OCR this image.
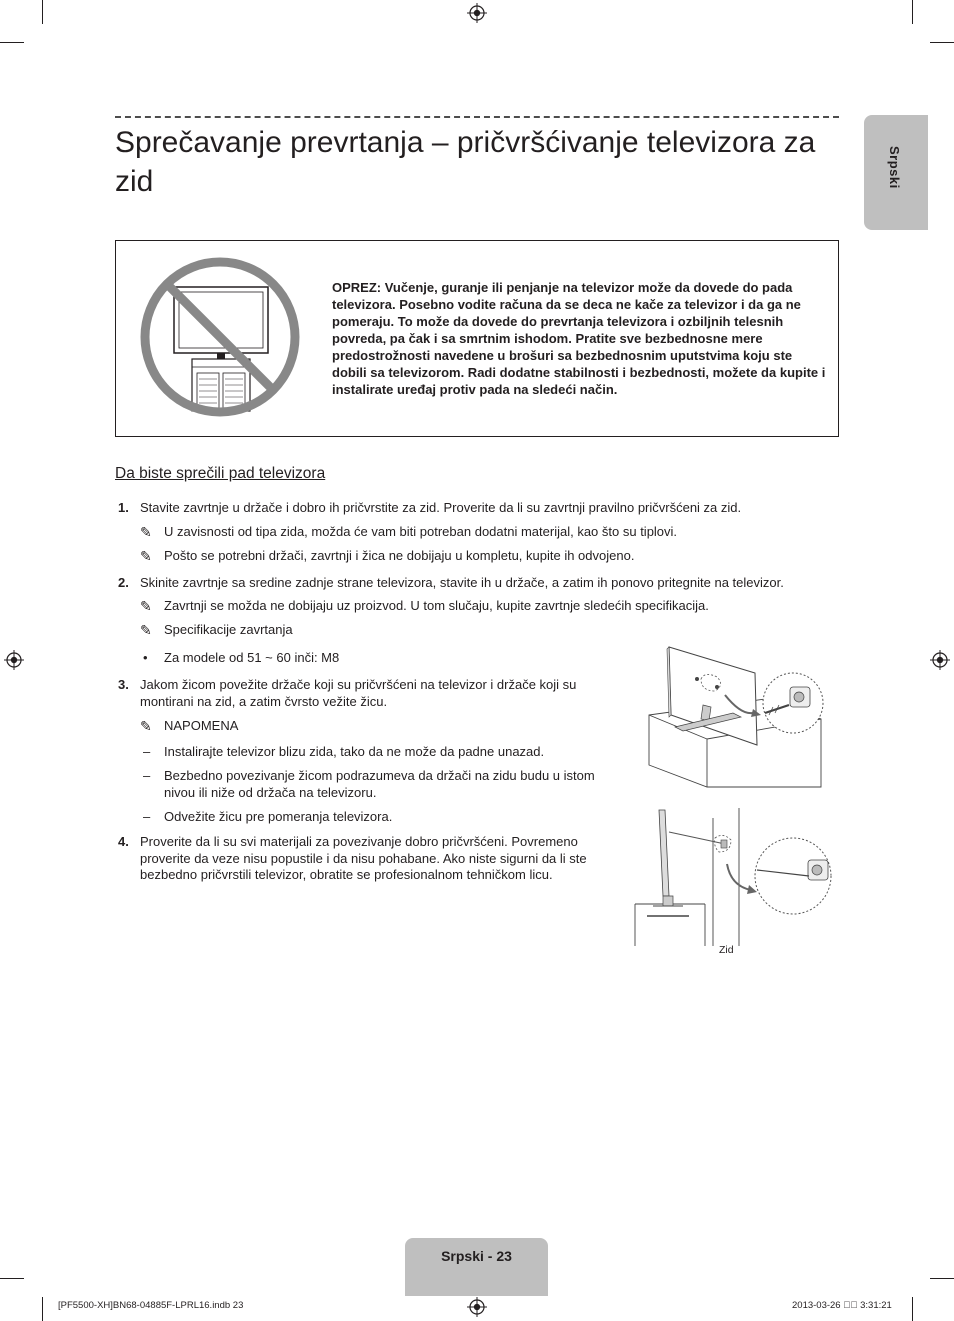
Sprečavanje prevrtanja – pričvršćivanje televizora za zid	Srpski
OPREZ: Vučenje, guranje ili penjanje na televizor može da dovede do pada televizora. Posebno vodite računa da se deca ne kače za televizor i da ga ne pomeraju. To može da dovede do prevrtanja televizora i ozbiljnih telesnih povreda, pa čak i sa smrtnim ishodom. Pratite sve bezbednosne mere predostrožnosti navedene u brošuri sa bezbednosnim uputstvima koju ste dobili sa televizorom. Radi dodatne stabilnosti i bezbednosti, možete da kupite i instalirate uređaj protiv pada na sledeći način.
Da biste sprečili pad televizora
1. Stavite zavrtnje u držače i dobro ih pričvrstite za zid. Proverite da li su zavrtnji pravilno pričvršćeni za zid.
✎ U zavisnosti od tipa zida, možda će vam biti potreban dodatni materijal, kao što su tiplovi.
✎ Pošto se potrebni držači, zavrtnji i žica ne dobijaju u kompletu, kupite ih odvojeno.
2. Skinite zavrtnje sa sredine zadnje strane televizora, stavite ih u držače, a zatim ih ponovo pritegnite na televizor.
✎ Zavrtnji se možda ne dobijaju uz proizvod. U tom slučaju, kupite zavrtnje sledećih specifikacija.
✎ Specifikacije zavrtanja
• Za modele od 51 ~ 60 inči: M8
3. Jakom žicom povežite držače koji su pričvršćeni na televizor i držače koji su montirani na zid, a zatim čvrsto vežite žicu.
✎ NAPOMENA
– Instalirajte televizor blizu zida, tako da ne može da padne unazad.
– Bezbedno povezivanje žicom podrazumeva da držači na zidu budu u istom nivou ili niže od držača na televizoru.
– Odvežite žicu pre pomeranja televizora.
4. Proverite da li su svi materijali za povezivanje dobro pričvršćeni. Povremeno proverite da veze nisu popustile i da nisu pohabane. Ako niste sigurni da li ste bezbedno pričvrstili televizor, obratite se profesionalnom tehničkom licu.
Zid
Srpski - 23
[PF5500-XH]BN68-04885F-LPRL16.indb 23	2013-03-26 ￿￿ 3:31:21
